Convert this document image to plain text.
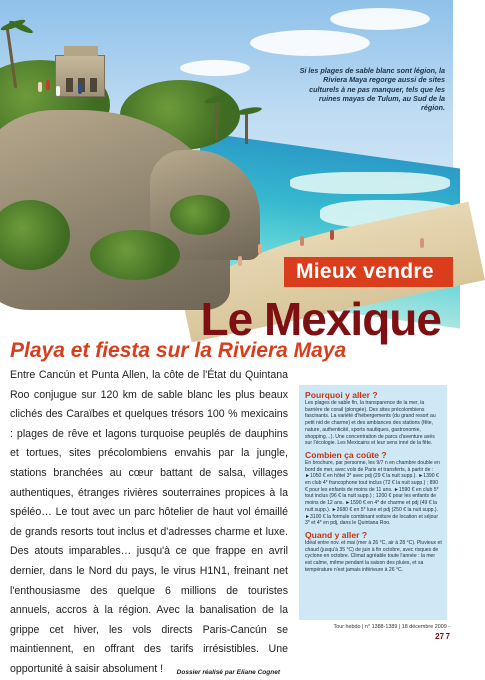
Si les plages de sable blanc sont légion, la Riviera Maya regorge aussi de sites culturels à ne pas manquer, tels que les ruines mayas de Tulum, au Sud de la région.
Mieux vendre
Le Mexique
Playa et fiesta sur la Riviera Maya
Entre Cancún et Punta Allen, la côte de l'État du Quintana Roo conjugue sur 120 km de sable blanc les plus beaux clichés des Caraïbes et quelques trésors 100 % mexicains : plages de rêve et lagons turquoise peuplés de dauphins et tortues, sites précolombiens envahis par la jungle, stations branchées au cœur battant de salsa, villages authentiques, étranges rivières souterraines propices à la spéléo… Le tout avec un parc hôtelier de haut vol émaillé de grands resorts tout inclus et d'adresses charme et luxe. Des atouts imparables… jusqu'à ce que frappe en avril dernier, dans le Nord du pays, le virus H1N1, freinant net l'enthousiasme des quelque 6 millions de touristes annuels, accros à la région. Avec la banalisation de la grippe cet hiver, les vols directs Paris-Cancún se maintiennent, en offrant des tarifs irrésistibles. Une opportunité à saisir absolument ! Dossier réalisé par Eliane Cognet
Pourquoi y aller ?

Les plages de sable fin, la transparence de la mer, la barrière de corail (plongée). Des sites précolombiens fascinants. La variété d'hébergements (du grand resort au petit nid de charme) et des ambiances des stations (fête, nature, authenticité, sports nautiques, gastronomie, shopping…). Une concentration de parcs d'aventure axés sur l'écologie. Les Mexicains et leur sens inné de la fête.

Combien ça coûte ?

En brochure, par personne, les 9/7 n en chambre double en bord de mer, avec vols de Paris et transferts, à partir de : ►1050 € en hôtel 3* avec pdj (29 € la nuit supp.). ►1390 € en club 4* francophone tout inclus (72 € la nuit supp.) ; 890 € pour les enfants de moins de 11 ans. ►1590 € en club 5* tout inclus (96 € la nuit supp.) ; 1200 € pour les enfants de moins de 12 ans. ►1590 € en 4* de charme et pdj (49 € la nuit supp.). ►2680 € en 5* luxe et pdj (250 € la nuit supp.). ►3100 € la formule combinant voiture de location et séjour 3* et 4* en pdj, dans le Quintana Roo.

Quand y aller ?

Idéal entre nov. et mai (mer à 26 °C, air à 28 °C). Pluvieux et chaud (jusqu'à 35 °C) de juin à fin octobre, avec risques de cyclone en octobre. Climat agréable toute l'année : la mer est calme, même pendant la saison des pluies, et sa température n'est jamais inférieure à 26 °C.

Tour hebdo | n° 1388-1389 | 18 décembre 2009 - 27 7
